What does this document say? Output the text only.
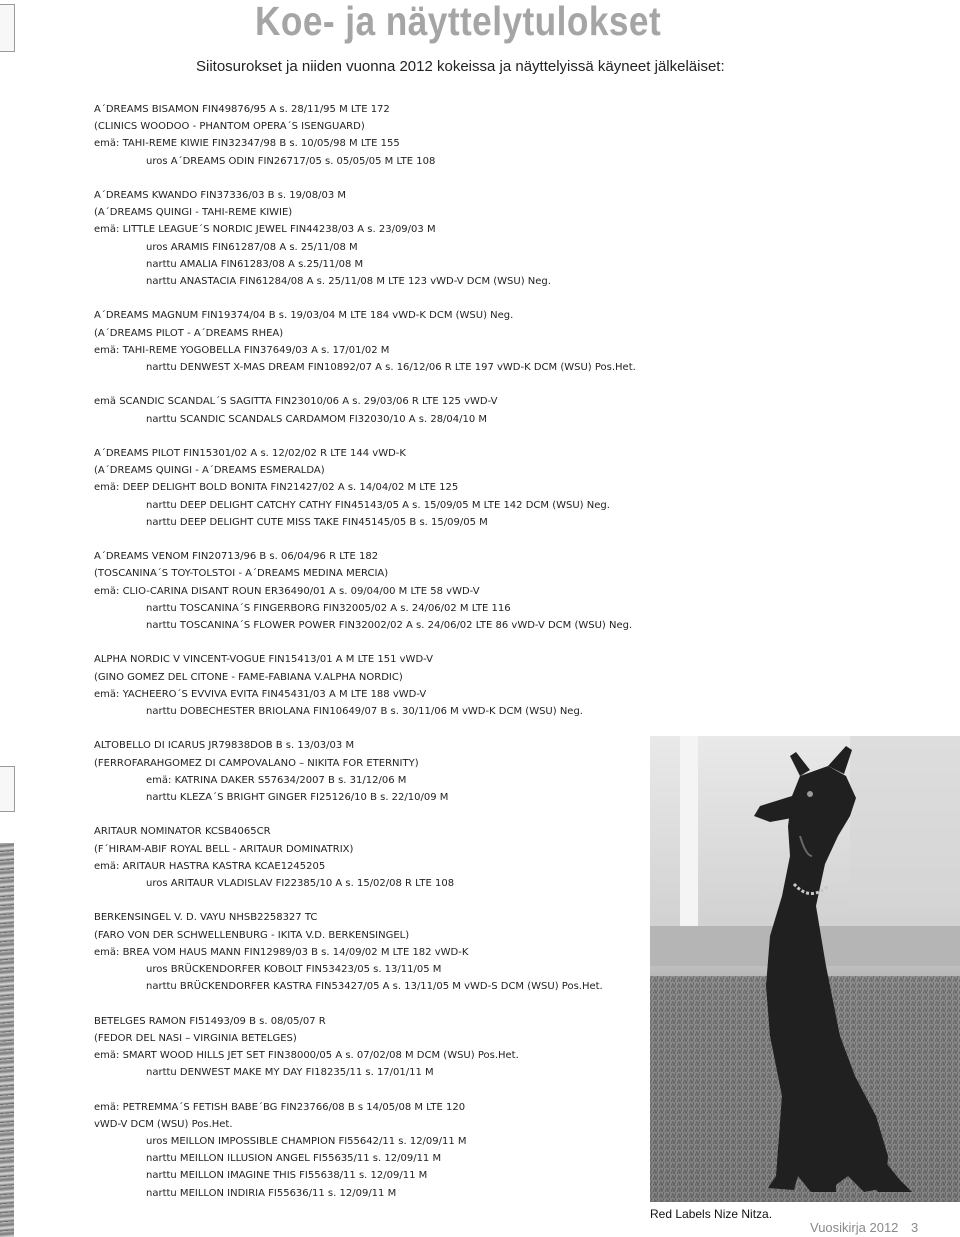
Koe- ja näyttelytulokset
Siitosurokset ja niiden vuonna 2012 kokeissa ja näyttelyissä käyneet jälkeläiset:
A´DREAMS BISAMON FIN49876/95 A s. 28/11/95 M LTE 172
(CLINICS WOODOO - PHANTOM OPERA´S ISENGUARD)
emä: TAHI-REME KIWIE FIN32347/98 B s. 10/05/98 M LTE 155
uros A´DREAMS ODIN FIN26717/05 s. 05/05/05 M LTE 108
A´DREAMS KWANDO FIN37336/03 B s. 19/08/03 M
(A´DREAMS QUINGI - TAHI-REME KIWIE)
emä: LITTLE LEAGUE´S NORDIC JEWEL FIN44238/03 A s. 23/09/03 M
uros ARAMIS FIN61287/08 A s. 25/11/08 M
narttu AMALIA FIN61283/08 A s.25/11/08 M
narttu ANASTACIA FIN61284/08 A s. 25/11/08 M LTE 123 vWD-V DCM (WSU) Neg.
A´DREAMS MAGNUM FIN19374/04 B s. 19/03/04 M LTE 184 vWD-K DCM (WSU) Neg.
(A´DREAMS PILOT - A´DREAMS RHEA)
emä: TAHI-REME YOGOBELLA FIN37649/03 A s. 17/01/02 M
narttu DENWEST X-MAS DREAM FIN10892/07 A s. 16/12/06 R LTE 197 vWD-K DCM (WSU) Pos.Het.
emä SCANDIC SCANDAL´S SAGITTA FIN23010/06 A s. 29/03/06 R LTE 125 vWD-V
narttu SCANDIC SCANDALS CARDAMOM FI32030/10 A s. 28/04/10 M
A´DREAMS PILOT FIN15301/02 A s. 12/02/02 R LTE 144 vWD-K
(A´DREAMS QUINGI - A´DREAMS ESMERALDA)
emä: DEEP DELIGHT BOLD BONITA FIN21427/02 A s. 14/04/02 M LTE 125
narttu DEEP DELIGHT CATCHY CATHY FIN45143/05 A s. 15/09/05 M LTE 142 DCM (WSU) Neg.
narttu DEEP DELIGHT CUTE MISS TAKE FIN45145/05 B s. 15/09/05 M
A´DREAMS VENOM FIN20713/96 B s. 06/04/96 R LTE 182
(TOSCANINA´S TOY-TOLSTOI - A´DREAMS MEDINA MERCIA)
emä: CLIO-CARINA DISANT ROUN ER36490/01 A s. 09/04/00 M LTE 58 vWD-V
narttu TOSCANINA´S FINGERBORG FIN32005/02 A s. 24/06/02 M LTE 116
narttu TOSCANINA´S FLOWER POWER FIN32002/02 A s. 24/06/02 LTE 86 vWD-V DCM (WSU) Neg.
ALPHA NORDIC V VINCENT-VOGUE FIN15413/01 A M LTE 151 vWD-V
(GINO GOMEZ DEL CITONE - FAME-FABIANA V.ALPHA NORDIC)
emä: YACHEERO´S EVVIVA EVITA FIN45431/03 A M LTE 188 vWD-V
narttu DOBECHESTER BRIOLANA FIN10649/07 B s. 30/11/06 M vWD-K DCM (WSU) Neg.
ALTOBELLO DI ICARUS JR79838DOB B s. 13/03/03 M
(FERROFARAHGOMEZ DI CAMPOVALANO – NIKITA FOR ETERNITY)
emä: KATRINA DAKER S57634/2007 B s. 31/12/06 M
narttu KLEZA´S BRIGHT GINGER FI25126/10 B s. 22/10/09 M
ARITAUR NOMINATOR KCSB4065CR
(F´HIRAM-ABIF ROYAL BELL - ARITAUR DOMINATRIX)
emä: ARITAUR HASTRA KASTRA KCAE1245205
uros ARITAUR VLADISLAV FI22385/10 A s. 15/02/08 R LTE 108
BERKENSINGEL V. D. VAYU NHSB2258327 TC
(FARO VON DER SCHWELLENBURG - IKITA V.D. BERKENSINGEL)
emä: BREA VOM HAUS MANN FIN12989/03 B s. 14/09/02 M LTE 182 vWD-K
uros BRÜCKENDORFER KOBOLT FIN53423/05 s. 13/11/05 M
narttu BRÜCKENDORFER KASTRA FIN53427/05 A s. 13/11/05 M vWD-S DCM (WSU) Pos.Het.
BETELGES RAMON FI51493/09 B s. 08/05/07 R
(FEDOR DEL NASI – VIRGINIA BETELGES)
emä: SMART WOOD HILLS JET SET FIN38000/05 A s. 07/02/08 M DCM (WSU) Pos.Het.
narttu DENWEST MAKE MY DAY FI18235/11 s. 17/01/11 M
emä: PETREMMA´S FETISH BABE´BG FIN23766/08 B s 14/05/08 M LTE 120
vWD-V DCM (WSU) Pos.Het.
uros MEILLON IMPOSSIBLE CHAMPION FI55642/11 s. 12/09/11 M
narttu MEILLON ILLUSION ANGEL FI55635/11 s. 12/09/11 M
narttu MEILLON IMAGINE THIS FI55638/11 s. 12/09/11 M
narttu MEILLON INDIRIA FI55636/11 s. 12/09/11 M
Red Labels Nize Nitza.
Vuosikirja 2012 3
